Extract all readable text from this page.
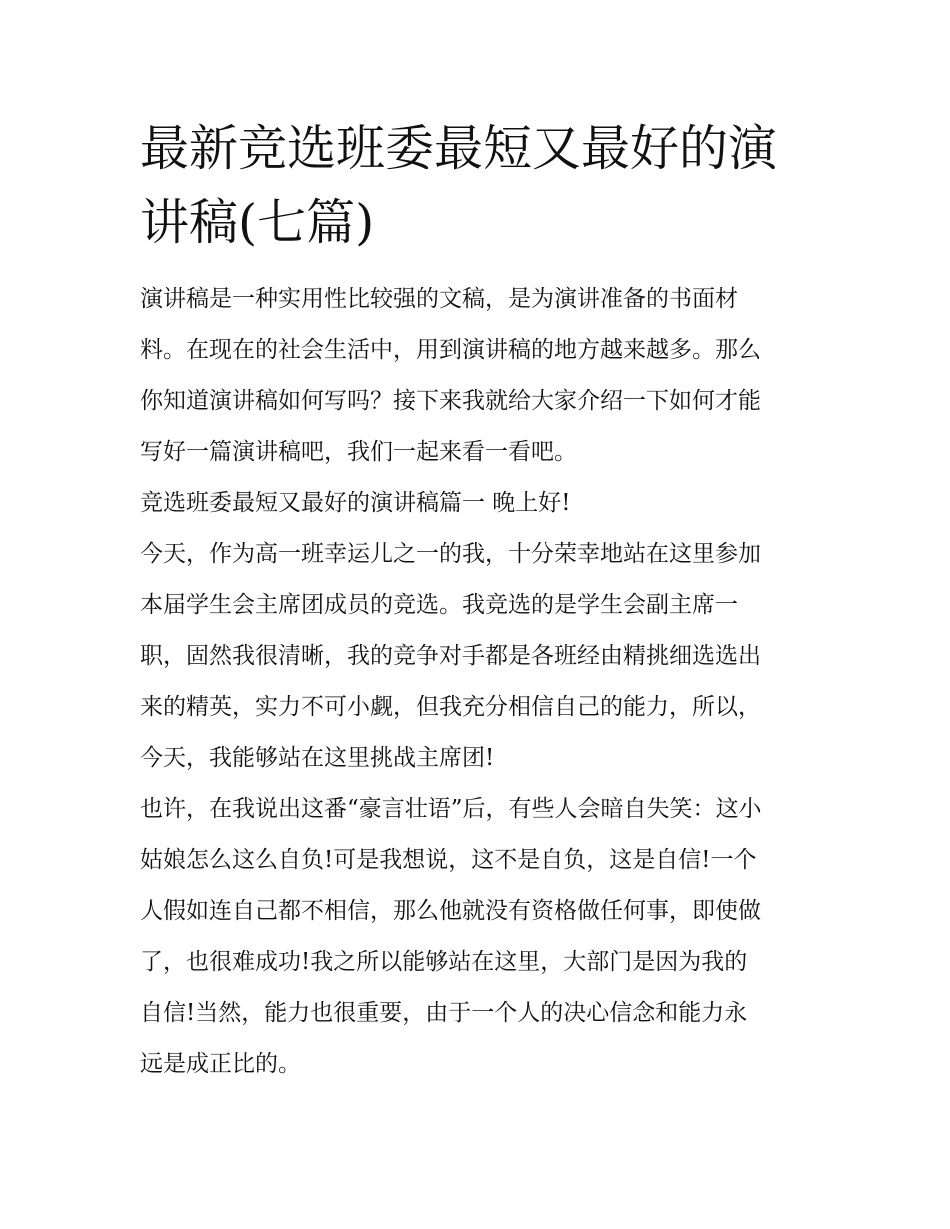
最新竞选班委最短又最好的演
讲稿(七篇)
演讲稿是一种实用性比较强的文稿，是为演讲准备的书面材
料。在现在的社会生活中，用到演讲稿的地方越来越多。那么
你知道演讲稿如何写吗？接下来我就给大家介绍一下如何才能
写好一篇演讲稿吧，我们一起来看一看吧。
竞选班委最短又最好的演讲稿篇一 晚上好!
今天，作为高一班幸运儿之一的我，十分荣幸地站在这里参加
本届学生会主席团成员的竞选。我竞选的是学生会副主席一
职，固然我很清晰，我的竞争对手都是各班经由精挑细选选出
来的精英，实力不可小觑，但我充分相信自己的能力，所以，
今天，我能够站在这里挑战主席团!
也许，在我说出这番“豪言壮语”后，有些人会暗自失笑：这小
姑娘怎么这么自负!可是我想说，这不是自负，这是自信!一个
人假如连自己都不相信，那么他就没有资格做任何事，即使做
了，也很难成功!我之所以能够站在这里，大部门是因为我的
自信!当然，能力也很重要，由于一个人的决心信念和能力永
远是成正比的。
